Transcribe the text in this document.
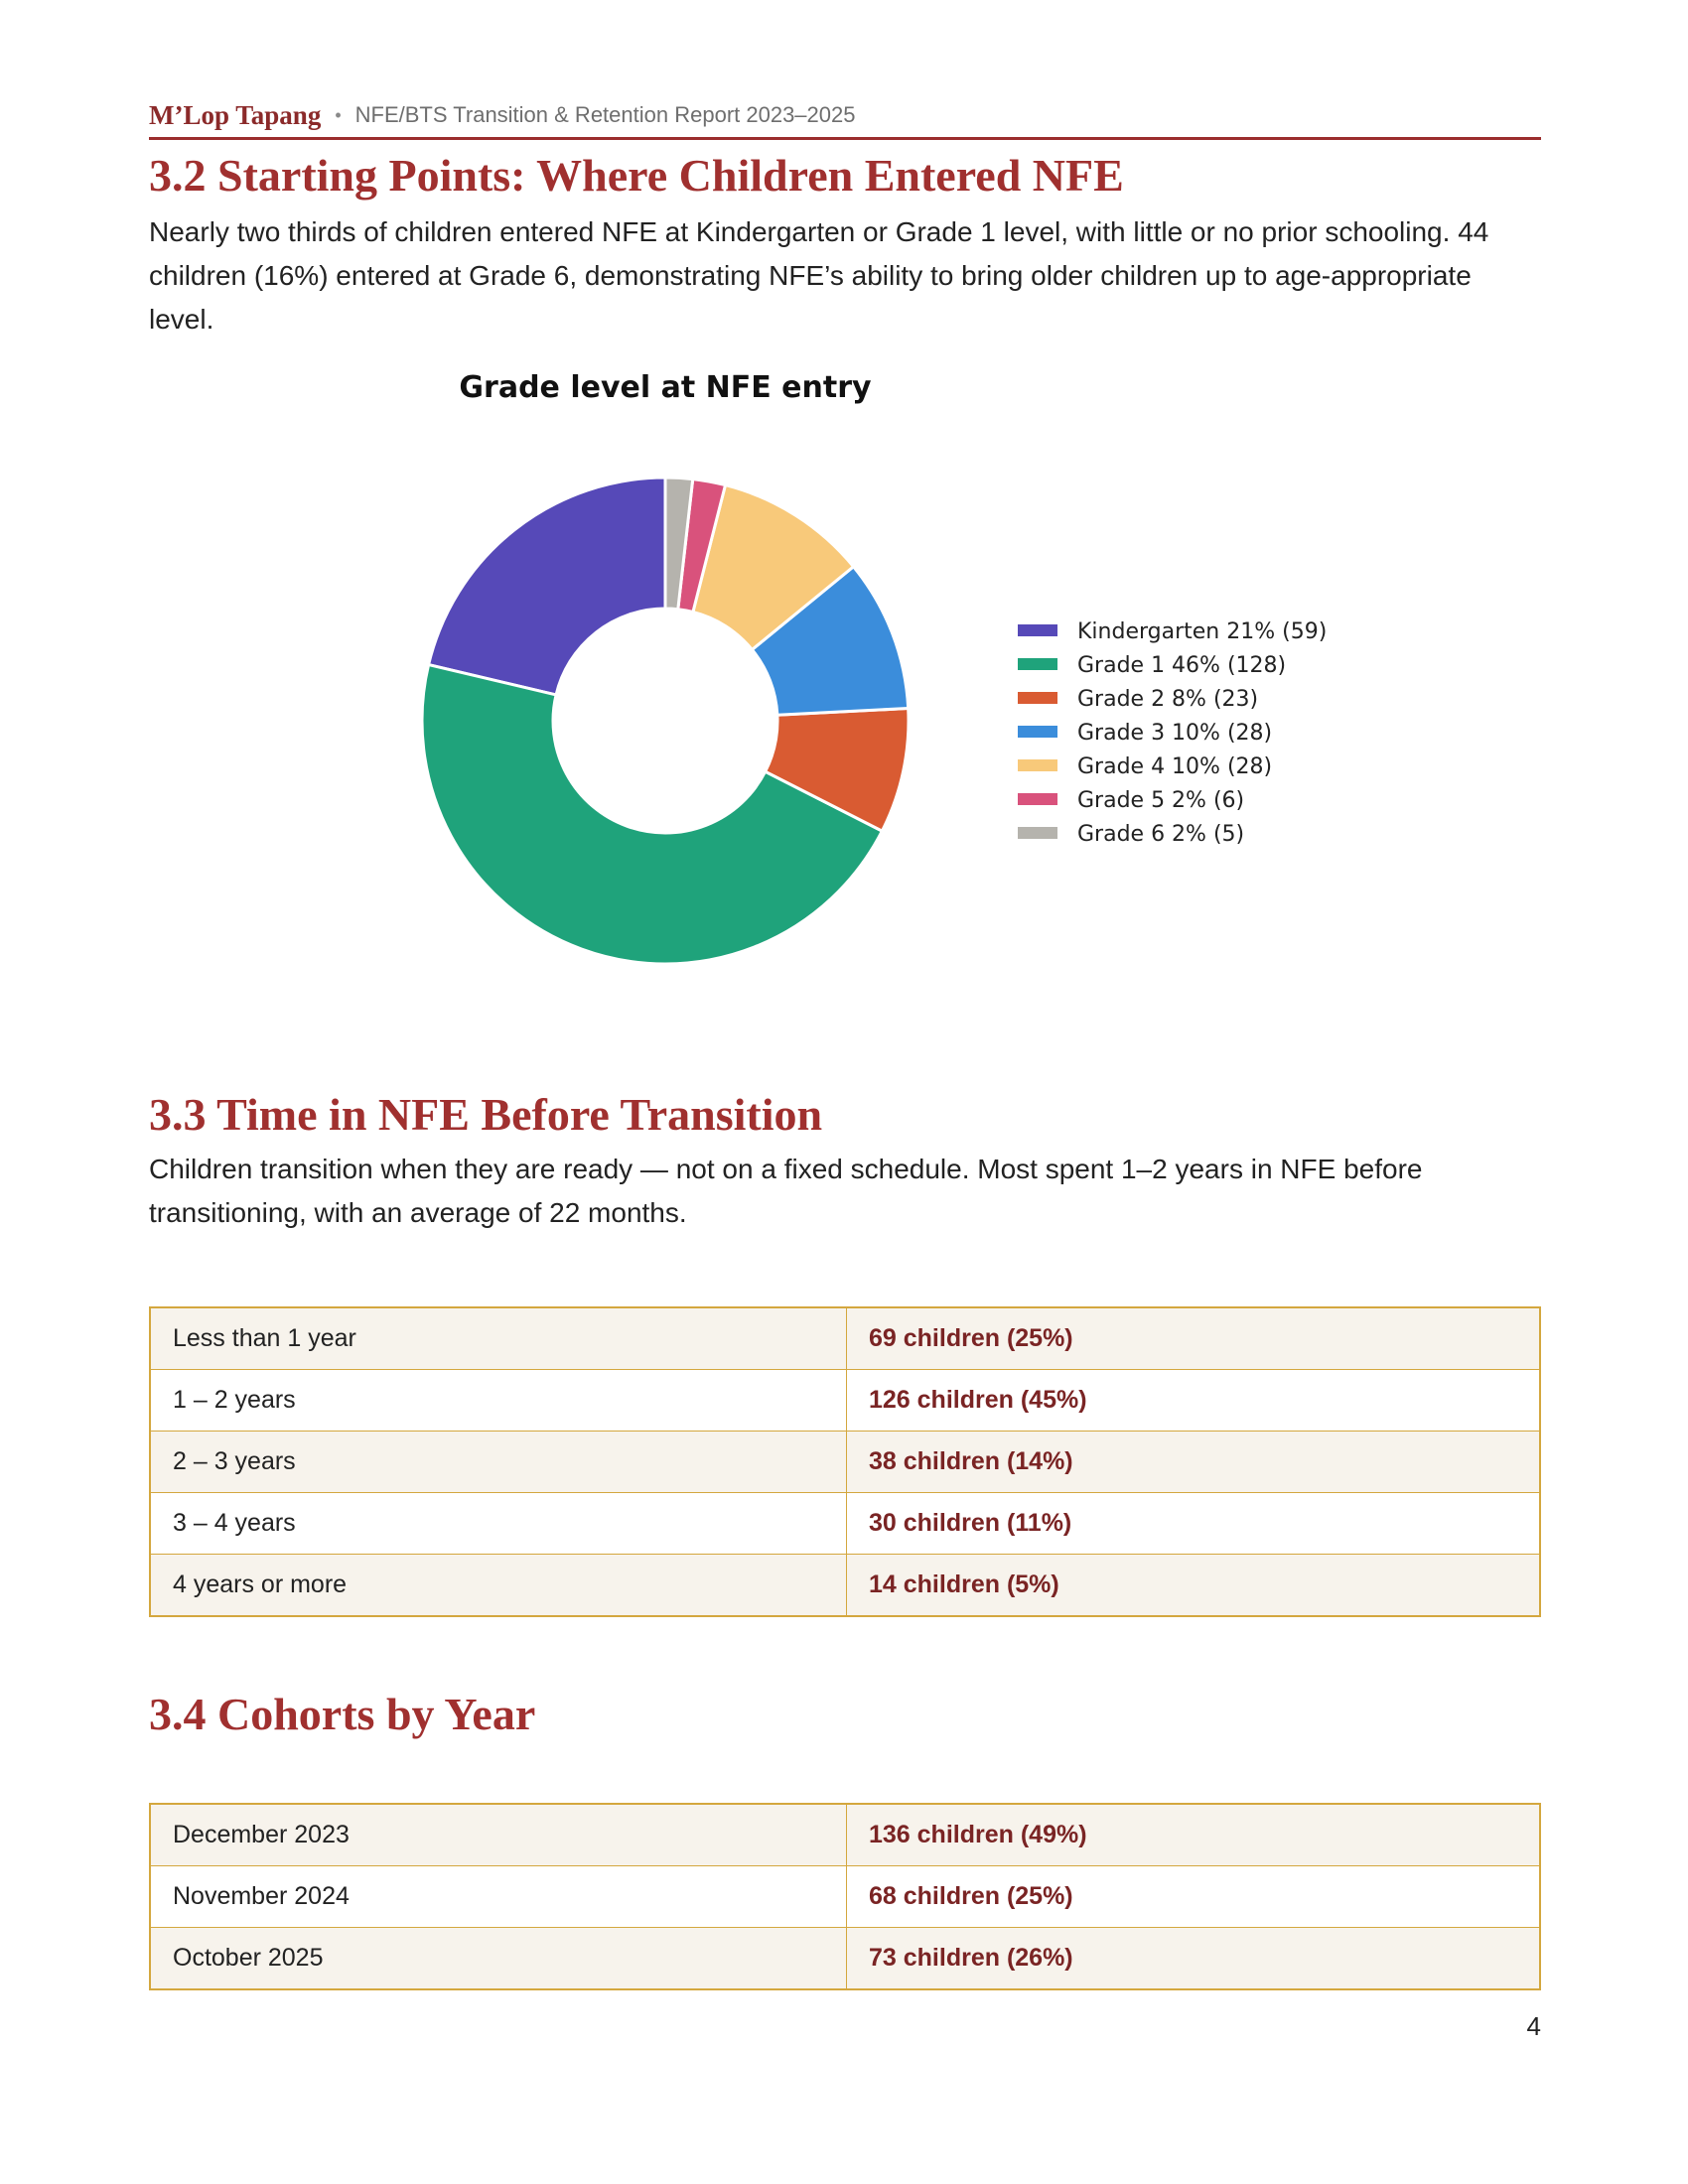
M’Lop Tapang • NFE/BTS Transition & Retention Report 2023–2025
3.2 Starting Points: Where Children Entered NFE

Nearly two thirds of children entered NFE at Kindergarten or Grade 1 level, with little or no prior schooling. 44 children (16%) entered at Grade 6, demonstrating NFE’s ability to bring older children up to age-appropriate level.

Grade level at NFE entry
Kindergarten 21% (59)
Grade 1 46% (128)
Grade 2 8% (23)
Grade 3 10% (28)
Grade 4 10% (28)
Grade 5 2% (6)
Grade 6 2% (5)
3.3 Time in NFE Before Transition

Children transition when they are ready — not on a fixed schedule. Most spent 1–2 years in NFE before transitioning, with an average of 22 months.

Less than 1 year	69 children (25%)
1 – 2 years	126 children (45%)
2 – 3 years	38 children (14%)
3 – 4 years	30 children (11%)
4 years or more	14 children (5%)
3.4 Cohorts by Year
December 2023	136 children (49%)
November 2024	68 children (25%)
October 2025	73 children (26%)
4
